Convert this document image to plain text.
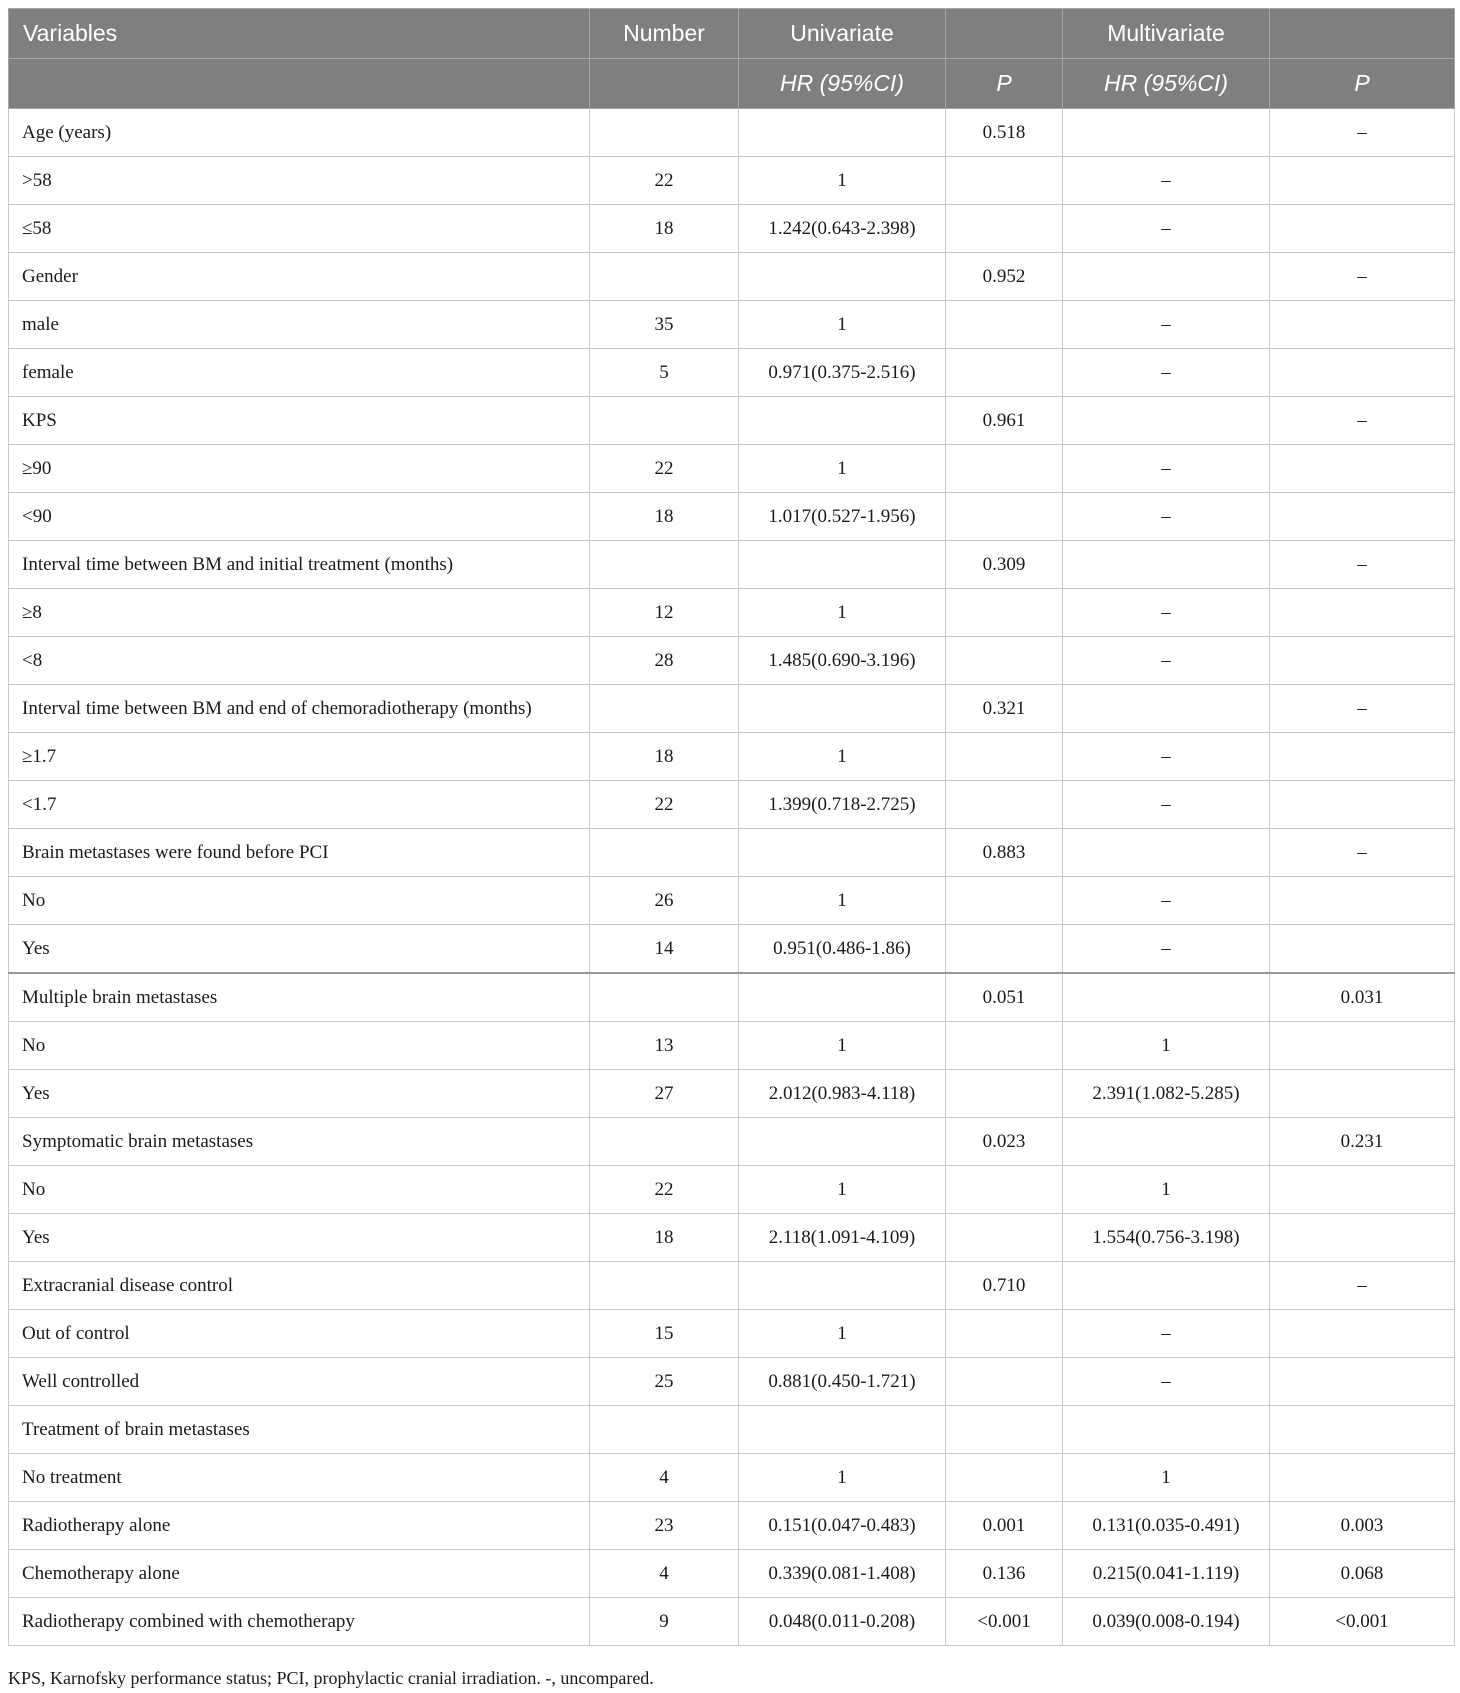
Variables	Number	Univariate		Multivariate	
		HR (95%CI)	P	HR (95%CI)	P
Age (years)			0.518		–
>58	22	1		–	
≤58	18	1.242(0.643-2.398)		–	
Gender			0.952		–
male	35	1		–	
female	5	0.971(0.375-2.516)		–	
KPS			0.961		–
≥90	22	1		–	
<90	18	1.017(0.527-1.956)		–	
Interval time between BM and initial treatment (months)			0.309		–
≥8	12	1		–	
<8	28	1.485(0.690-3.196)		–	
Interval time between BM and end of chemoradiotherapy (months)			0.321		–
≥1.7	18	1		–	
<1.7	22	1.399(0.718-2.725)		–	
Brain metastases were found before PCI			0.883		–
No	26	1		–	
Yes	14	0.951(0.486-1.86)		–	
Multiple brain metastases			0.051		0.031
No	13	1		1	
Yes	27	2.012(0.983-4.118)		2.391(1.082-5.285)	
Symptomatic brain metastases			0.023		0.231
No	22	1		1	
Yes	18	2.118(1.091-4.109)		1.554(0.756-3.198)	
Extracranial disease control			0.710		–
Out of control	15	1		–	
Well controlled	25	0.881(0.450-1.721)		–	
Treatment of brain metastases					
No treatment	4	1		1	
Radiotherapy alone	23	0.151(0.047-0.483)	0.001	0.131(0.035-0.491)	0.003
Chemotherapy alone	4	0.339(0.081-1.408)	0.136	0.215(0.041-1.119)	0.068
Radiotherapy combined with chemotherapy	9	0.048(0.011-0.208)	<0.001	0.039(0.008-0.194)	<0.001
KPS, Karnofsky performance status; PCI, prophylactic cranial irradiation. -, uncompared.
